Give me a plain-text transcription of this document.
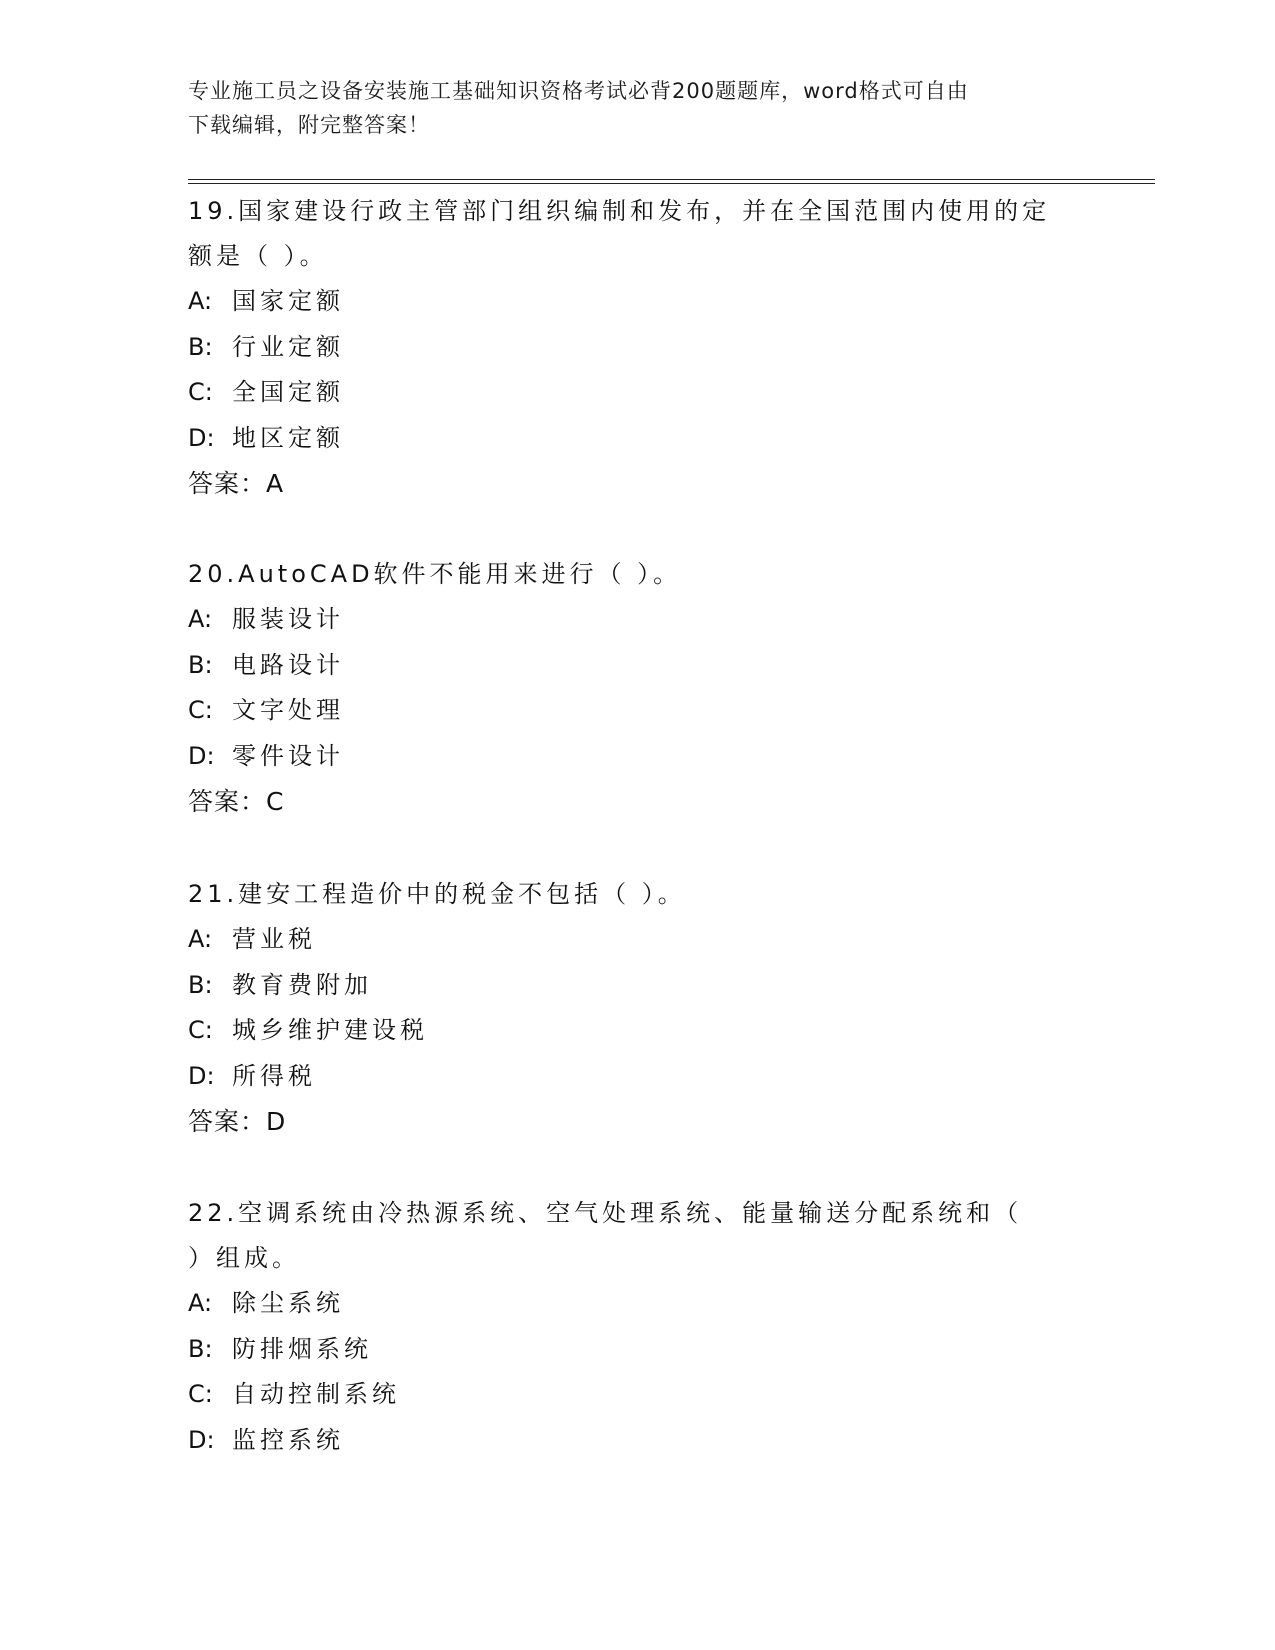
专业施工员之设备安装施工基础知识资格考试必背200题题库，word格式可自由
下载编辑，附完整答案！

19.国家建设行政主管部门组织编制和发布，并在全国范围内使用的定

额是（ ）。

A: 国家定额

B: 行业定额

C: 全国定额

D: 地区定额

答案：A

20.AutoCAD软件不能用来进行（ ）。

A: 服装设计

B: 电路设计

C: 文字处理

D: 零件设计

答案：C

21.建安工程造价中的税金不包括（ ）。

A: 营业税

B: 教育费附加

C: 城乡维护建设税

D: 所得税

答案：D

22.空调系统由冷热源系统、空气处理系统、能量输送分配系统和（

）组成。

A: 除尘系统

B: 防排烟系统

C: 自动控制系统

D: 监控系统
